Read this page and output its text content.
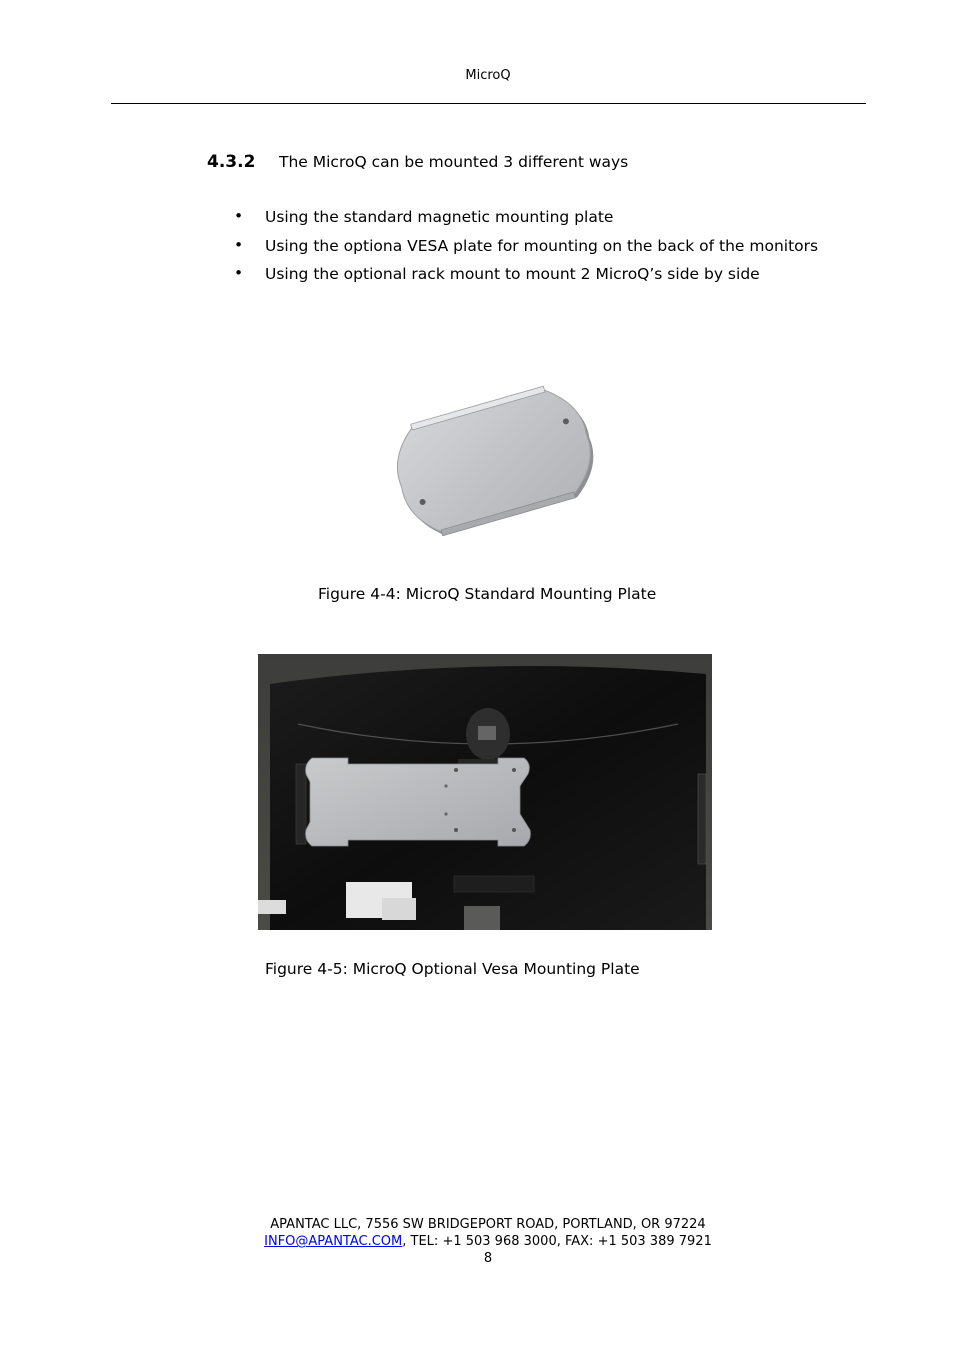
MicroQ
4.3.2 The MicroQ can be mounted 3 different ways
• Using the standard magnetic mounting plate
• Using the optiona VESA plate for mounting on the back of the monitors
• Using the optional rack mount to mount 2 MicroQ’s side by side
Figure 4-4: MicroQ Standard Mounting Plate
Figure 4-5: MicroQ Optional Vesa Mounting Plate
APANTAC LLC, 7556 SW BRIDGEPORT ROAD, PORTLAND, OR 97224
INFO@APANTAC.COM, TEL: +1 503 968 3000, FAX: +1 503 389 7921
8
